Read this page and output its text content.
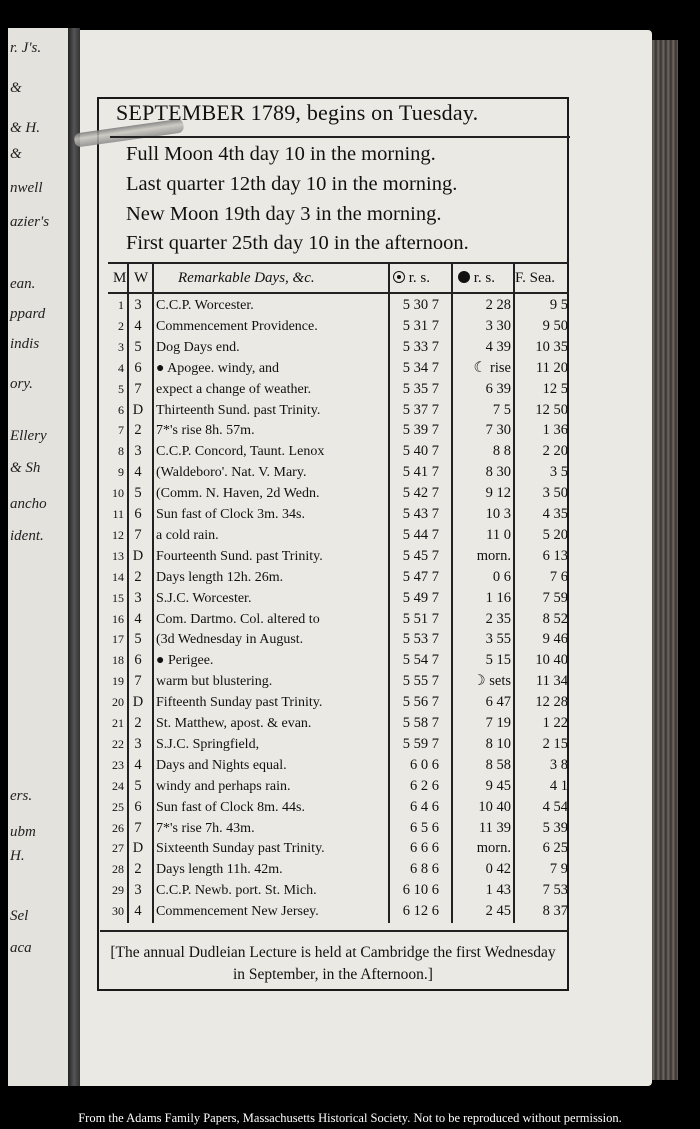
r. J's.
&
& H.
&
nwell
azier's
ean.
ppard
indis
ory.
Ellery
& Sh
ancho
ident.
ers.
ubm
H.
Sel
aca
SEPTEMBER 1789, begins on Tuesday.
Full Moon 4th day 10 in the morning.
Last quarter 12th day 10 in the morning.
New Moon 19th day 3 in the morning.
First quarter 25th day 10 in the afternoon.
M W Remarkable Days, &c.	r. s.	r. s. F. Sea.
1 3	C.C.P. Worcester.	5 30 7	2 28	9 5
2 4	Commencement Providence.	5 31 7	3 30	9 50
3 5	Dog Days end.	5 33 7	4 39	10 35
4 6	● Apogee. windy, and	5 34 7	☾ rise	11 20
5 7	expect a change of weather.	5 35 7	6 39	12 5
6 D Thirteenth Sund. past Trinity.	5 37 7	7 5	12 50
7 2	7*'s rise 8h. 57m.	5 39 7	7 30	1 36
8 3	C.C.P. Concord, Taunt. Lenox	5 40 7	8 8	2 20
9 4	(Waldeboro'. Nat. V. Mary.	5 41 7	8 30	3 5
10 5	(Comm. N. Haven, 2d Wedn.	5 42 7	9 12	3 50
11 6	Sun fast of Clock 3m. 34s.	5 43 7	10 3	4 35
12 7	a cold rain.	5 44 7	11 0	5 20
13 D Fourteenth Sund. past Trinity.	5 45 7	morn.	6 13
14 2	Days length 12h. 26m.	5 47 7	0 6	7 6
15 3	S.J.C. Worcester.	5 49 7	1 16	7 59
16 4	Com. Dartmo. Col. altered to	5 51 7	2 35	8 52
17 5	(3d Wednesday in August.	5 53 7	3 55	9 46
18 6	● Perigee.	5 54 7	5 15	10 40
19 7	warm but blustering.	5 55 7	☽ sets	11 34
20 D Fifteenth Sunday past Trinity.	5 56 7	6 47	12 28
21 2	St. Matthew, apost. & evan.	5 58 7	7 19	1 22
22 3	S.J.C. Springfield,	5 59 7	8 10	2 15
23 4	Days and Nights equal.	6 0 6	8 58	3 8
24 5	windy and perhaps rain.	6 2 6	9 45	4 1
25 6	Sun fast of Clock 8m. 44s.	6 4 6	10 40	4 54
26 7	7*'s rise 7h. 43m.	6 5 6	11 39	5 39
27 D Sixteenth Sunday past Trinity.	6 6 6	morn.	6 25
28 2	Days length 11h. 42m.	6 8 6	0 42	7 9
29 3	C.C.P. Newb. port. St. Mich.	6 10 6	1 43	7 53
30 4	Commencement New Jersey.	6 12 6	2 45	8 37
[The annual Dudleian Lecture is held at Cambridge the first Wednesday in September, in the Afternoon.]
From the Adams Family Papers, Massachusetts Historical Society. Not to be reproduced without permission.
